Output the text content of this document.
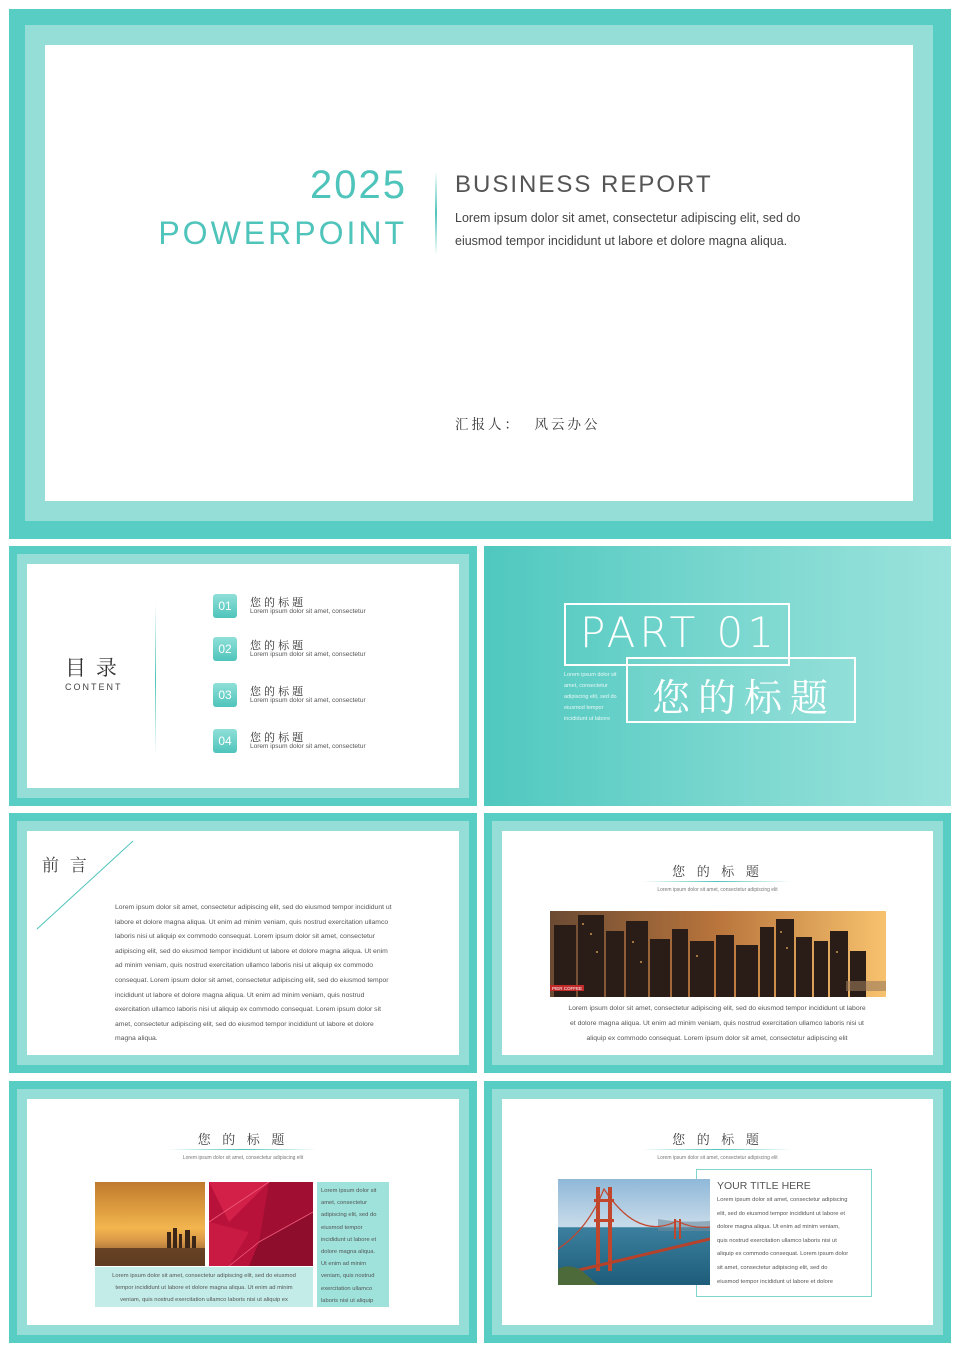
2025
POWERPOINT
BUSINESS REPORT
Lorem ipsum dolor sit amet, consectetur adipiscing elit, sed do
eiusmod tempor incididunt ut labore et dolore magna aliqua.
汇报人：  风云办公
目 录
CONTENT
01	您 的 标 题
Lorem ipsum dolor sit amet, consectetur
02	您 的 标 题
Lorem ipsum dolor sit amet, consectetur
03	您 的 标 题
Lorem ipsum dolor sit amet, consectetur
04	您 的 标 题
Lorem ipsum dolor sit amet, consectetur
PART 01
您的标题
Lorem ipsum dolor sit
amet, consectetur
adipiscing elit, sed do
eiusmod tempor
incididunt ut labore
前 言
Lorem ipsum dolor sit amet, consectetur adipiscing elit, sed do eiusmod tempor incididunt ut
labore et dolore magna aliqua. Ut enim ad minim veniam, quis nostrud exercitation ullamco
laboris nisi ut aliquip ex commodo consequat. Lorem ipsum dolor sit amet, consectetur
adipiscing elit, sed do eiusmod tempor incididunt ut labore et dolore magna aliqua. Ut enim
ad minim veniam, quis nostrud exercitation ullamco laboris nisi ut aliquip ex commodo
consequat. Lorem ipsum dolor sit amet, consectetur adipiscing elit, sed do eiusmod tempor
incididunt ut labore et dolore magna aliqua. Ut enim ad minim veniam, quis nostrud
exercitation ullamco laboris nisi ut aliquip ex commodo consequat. Lorem ipsum dolor sit
amet, consectetur adipiscing elit, sed do eiusmod tempor incididunt ut labore et dolore
magna aliqua.
您 的 标 题
Lorem ipsum dolor sit amet, consectetur adipiscing elit
PIER COFFEE
Lorem ipsum dolor sit amet, consectetur adipiscing elit, sed do eiusmod tempor incididunt ut labore
et dolore magna aliqua. Ut enim ad minim veniam, quis nostrud exercitation ullamco laboris nisi ut
aliquip ex commodo consequat. Lorem ipsum dolor sit amet, consectetur adipiscing elit
您 的 标 题
Lorem ipsum dolor sit amet, consectetur adipiscing elit
Lorem ipsum dolor sit amet, consectetur adipiscing elit, sed do eiusmod
tempor incididunt ut labore et dolore magna aliqua. Ut enim ad minim
veniam, quis nostrud exercitation ullamco laboris nisi ut aliquip ex
Lorem ipsum dolor sit
amet, consectetur
adipiscing elit, sed do
eiusmod tempor
incididunt ut labore et
dolore magna aliqua.
Ut enim ad minim
veniam, quis nostrud
exercitation ullamco
laboris nisi ut aliquip
您 的 标 题
Lorem ipsum dolor sit amet, consectetur adipiscing elit
YOUR TITLE HERE
Lorem ipsum dolor sit amet, consectetur adipiscing
elit, sed do eiusmod tempor incididunt ut labore et
dolore magna aliqua. Ut enim ad minim veniam,
quis nostrud exercitation ullamco laboris nisi ut
aliquip ex commodo consequat. Lorem ipsum dolor
sit amet, consectetur adipiscing elit, sed do
eiusmod tempor incididunt ut labore et dolore
